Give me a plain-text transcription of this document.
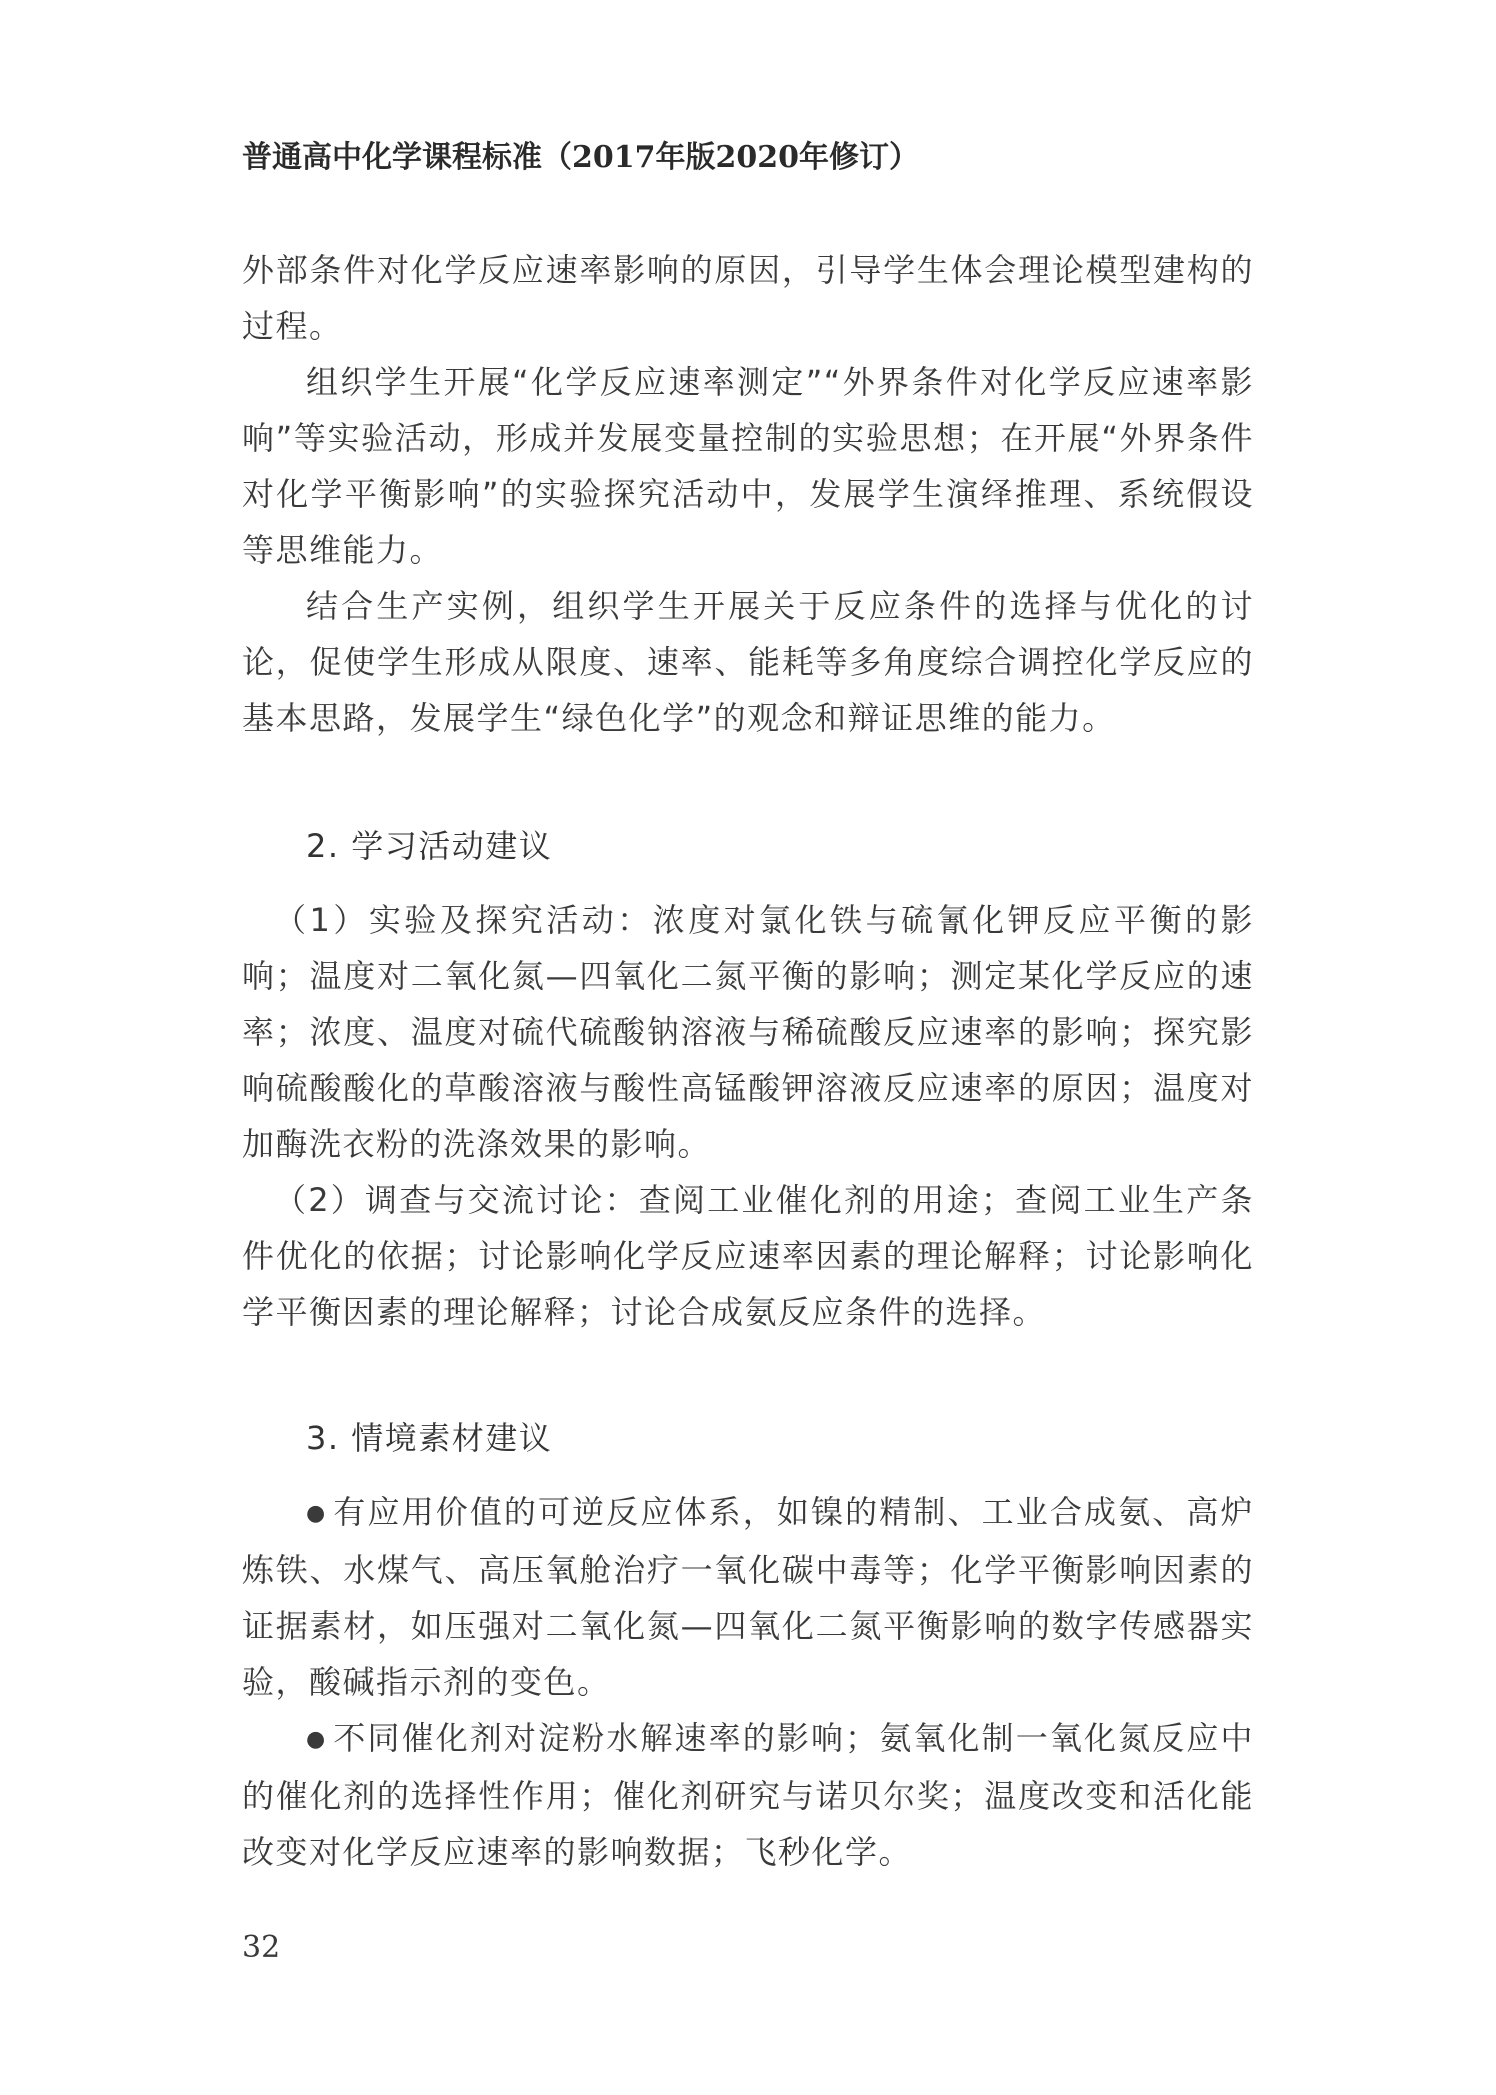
普通高中化学课程标准（2017年版2020年修订）

外部条件对化学反应速率影响的原因，引导学生体会理论模型建构的过程。

组织学生开展“化学反应速率测定”“外界条件对化学反应速率影响”等实验活动，形成并发展变量控制的实验思想；在开展“外界条件对化学平衡影响”的实验探究活动中，发展学生演绎推理、系统假设等思维能力。

结合生产实例，组织学生开展关于反应条件的选择与优化的讨论，促使学生形成从限度、速率、能耗等多角度综合调控化学反应的基本思路，发展学生“绿色化学”的观念和辩证思维的能力。

2. 学习活动建议

（1）实验及探究活动：浓度对氯化铁与硫氰化钾反应平衡的影响；温度对二氧化氮—四氧化二氮平衡的影响；测定某化学反应的速率；浓度、温度对硫代硫酸钠溶液与稀硫酸反应速率的影响；探究影响硫酸酸化的草酸溶液与酸性高锰酸钾溶液反应速率的原因；温度对加酶洗衣粉的洗涤效果的影响。

（2）调查与交流讨论：查阅工业催化剂的用途；查阅工业生产条件优化的依据；讨论影响化学反应速率因素的理论解释；讨论影响化学平衡因素的理论解释；讨论合成氨反应条件的选择。

3. 情境素材建议

● 有应用价值的可逆反应体系，如镍的精制、工业合成氨、高炉炼铁、水煤气、高压氧舱治疗一氧化碳中毒等；化学平衡影响因素的证据素材，如压强对二氧化氮—四氧化二氮平衡影响的数字传感器实验，酸碱指示剂的变色。

● 不同催化剂对淀粉水解速率的影响；氨氧化制一氧化氮反应中的催化剂的选择性作用；催化剂研究与诺贝尔奖；温度改变和活化能改变对化学反应速率的影响数据；飞秒化学。

32
